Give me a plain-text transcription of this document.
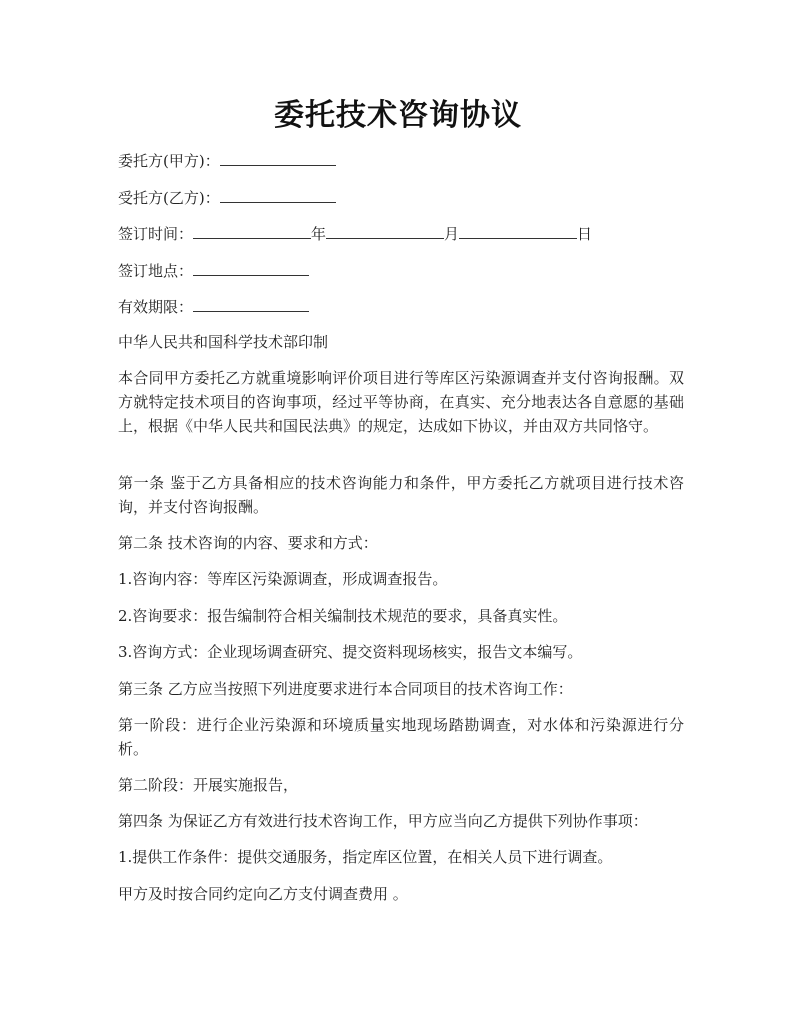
委托技术咨询协议
委托方(甲方)：
受托方(乙方)：
签订时间：	年	月	日
签订地点：
有效期限：
中华人民共和国科学技术部印制
本合同甲方委托乙方就重境影响评价项目进行等库区污染源调查并支付咨询报酬。双方就特定技术项目的咨询事项，经过平等协商，在真实、充分地表达各自意愿的基础上，根据《中华人民共和国民法典》的规定，达成如下协议，并由双方共同恪守。
第一条 鉴于乙方具备相应的技术咨询能力和条件，甲方委托乙方就项目进行技术咨询，并支付咨询报酬。
第二条 技术咨询的内容、要求和方式：
1.咨询内容：等库区污染源调查，形成调查报告。
2.咨询要求：报告编制符合相关编制技术规范的要求，具备真实性。
3.咨询方式：企业现场调查研究、提交资料现场核实，报告文本编写。
第三条 乙方应当按照下列进度要求进行本合同项目的技术咨询工作：
第一阶段：进行企业污染源和环境质量实地现场踏勘调查，对水体和污染源进行分析。
第二阶段：开展实施报告，
第四条 为保证乙方有效进行技术咨询工作，甲方应当向乙方提供下列协作事项：
1.提供工作条件：提供交通服务，指定库区位置，在相关人员下进行调查。
甲方及时按合同约定向乙方支付调查费用 。
